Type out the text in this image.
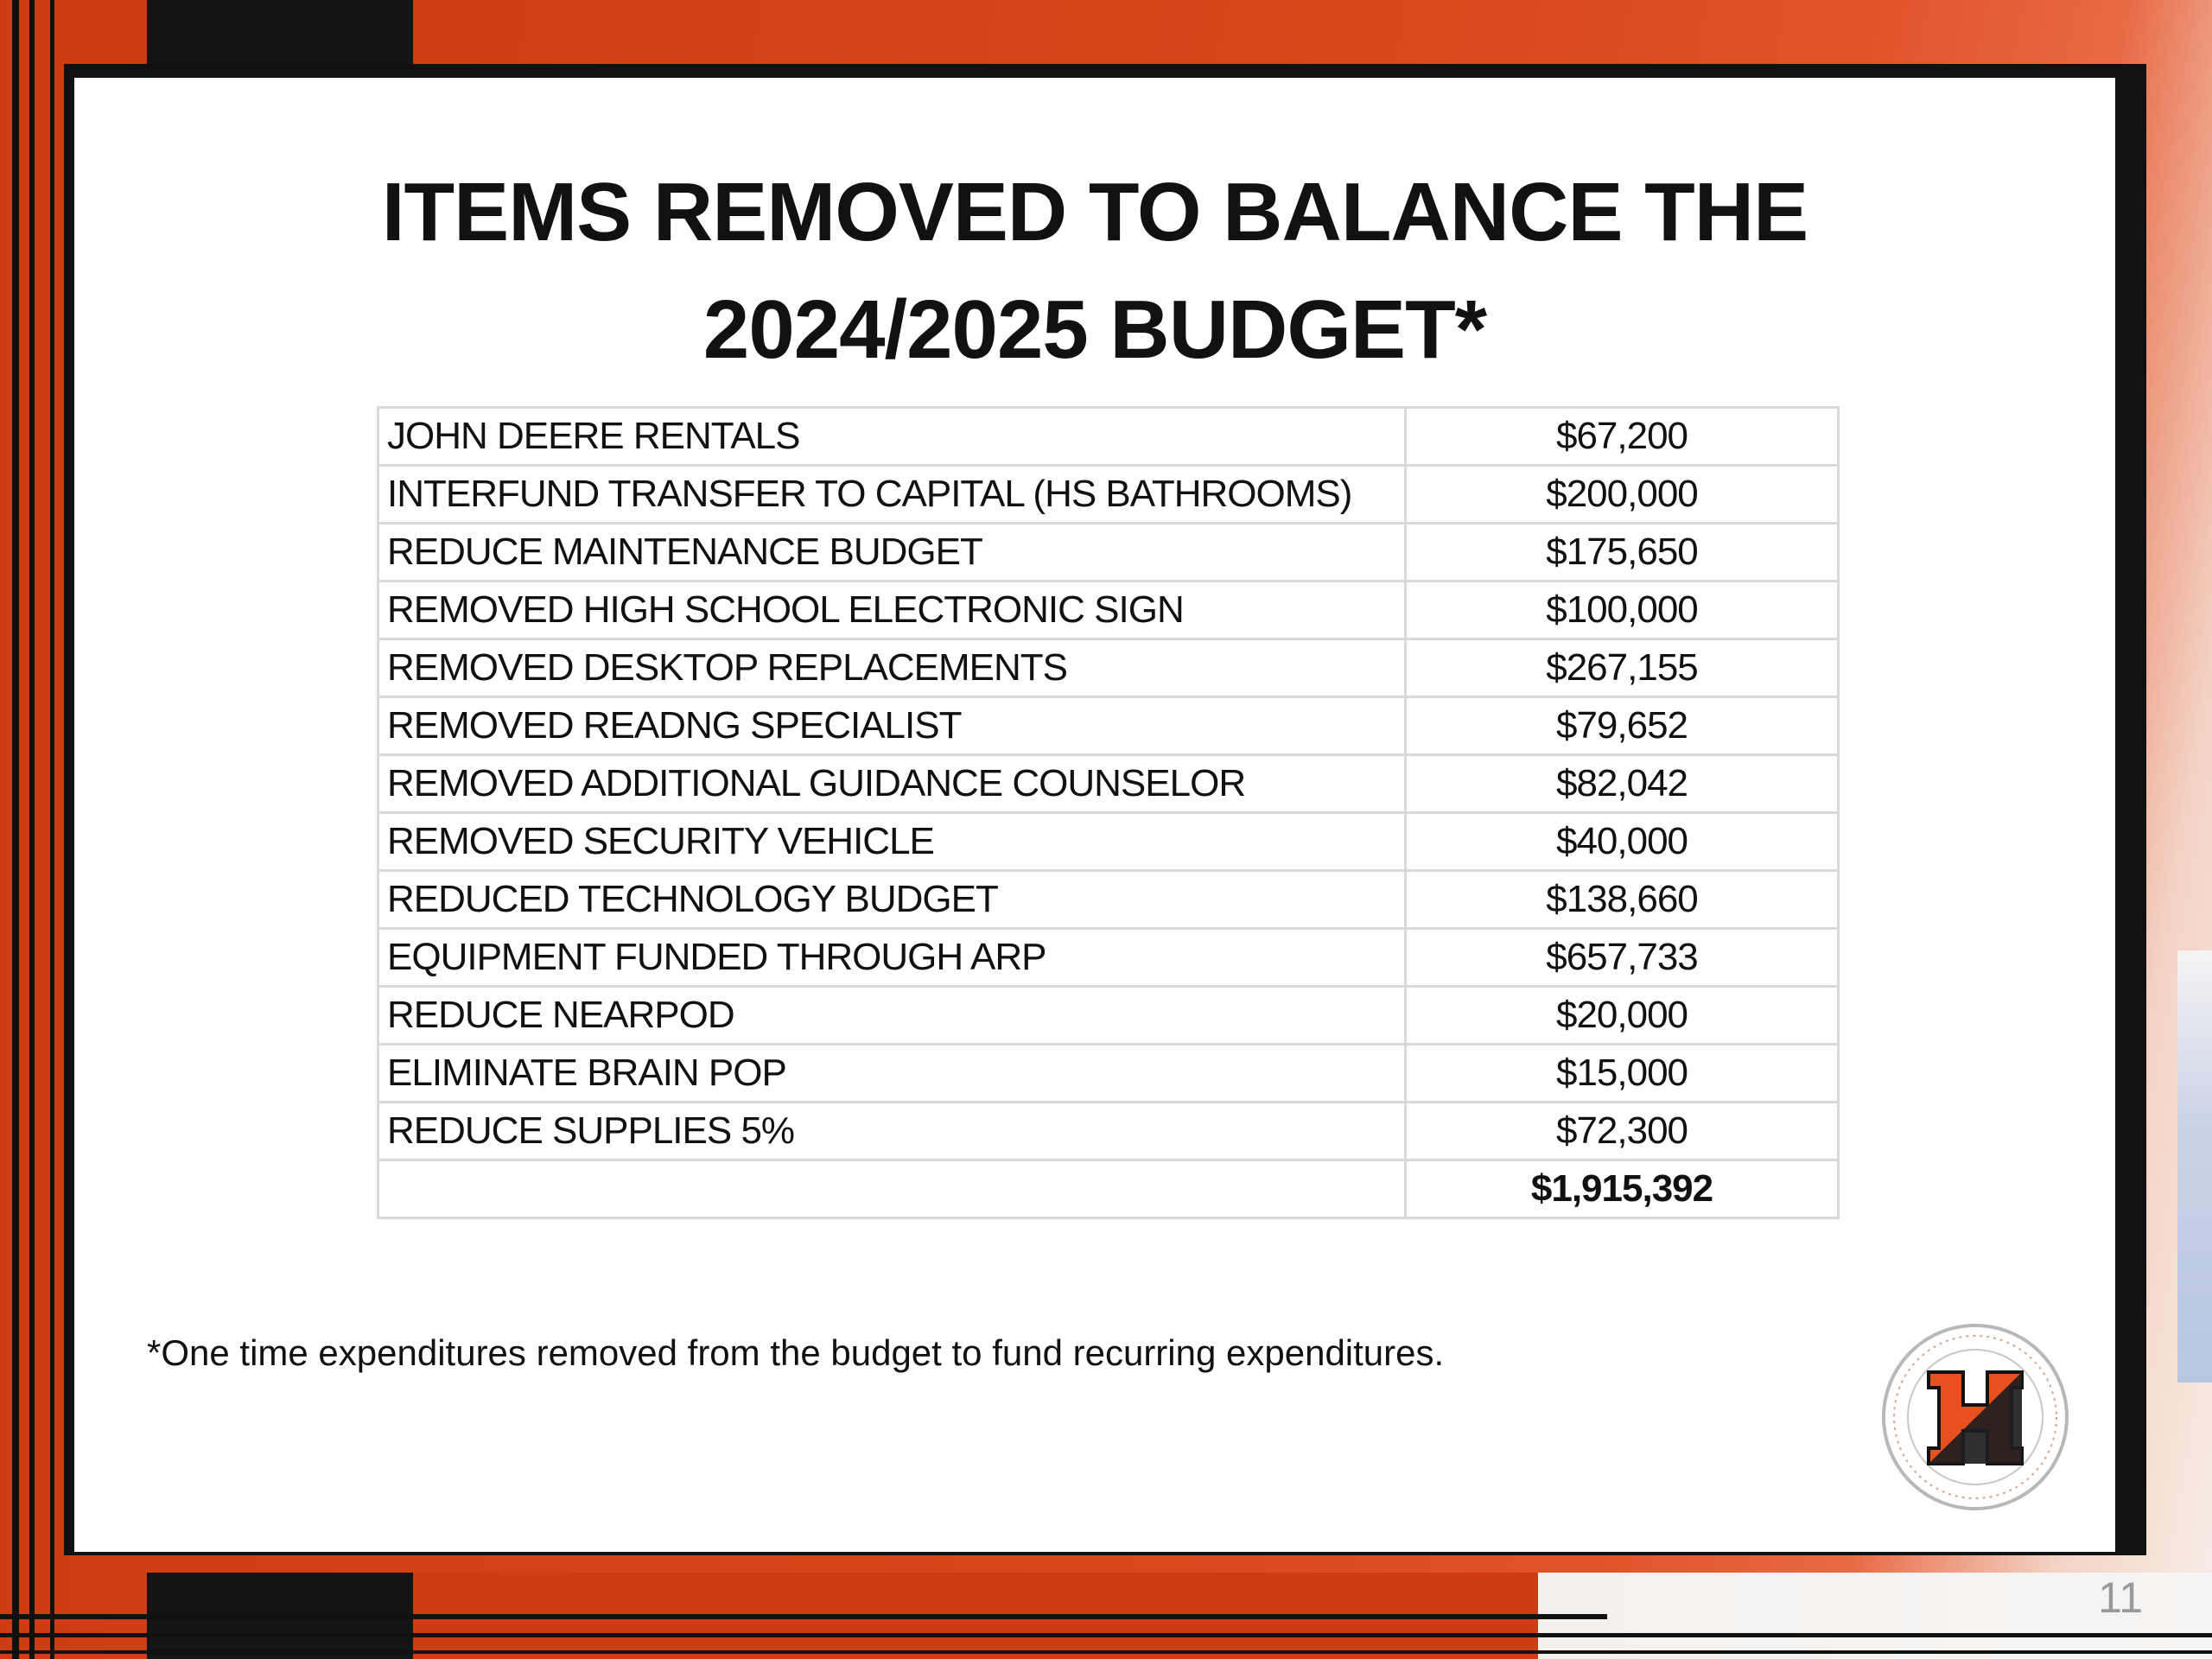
ITEMS REMOVED TO BALANCE THE
2024/2025 BUDGET*
JOHN DEERE RENTALS	$67,200
INTERFUND TRANSFER TO CAPITAL (HS BATHROOMS)	$200,000
REDUCE MAINTENANCE BUDGET	$175,650
REMOVED HIGH SCHOOL ELECTRONIC SIGN	$100,000
REMOVED DESKTOP REPLACEMENTS	$267,155
REMOVED READNG SPECIALIST	$79,652
REMOVED ADDITIONAL GUIDANCE COUNSELOR	$82,042
REMOVED SECURITY VEHICLE	$40,000
REDUCED TECHNOLOGY BUDGET	$138,660
EQUIPMENT FUNDED THROUGH ARP	$657,733
REDUCE NEARPOD	$20,000
ELIMINATE BRAIN POP	$15,000
REDUCE SUPPLIES 5%	$72,300
	$1,915,392
*One time expenditures removed from the budget to fund recurring expenditures.
11
